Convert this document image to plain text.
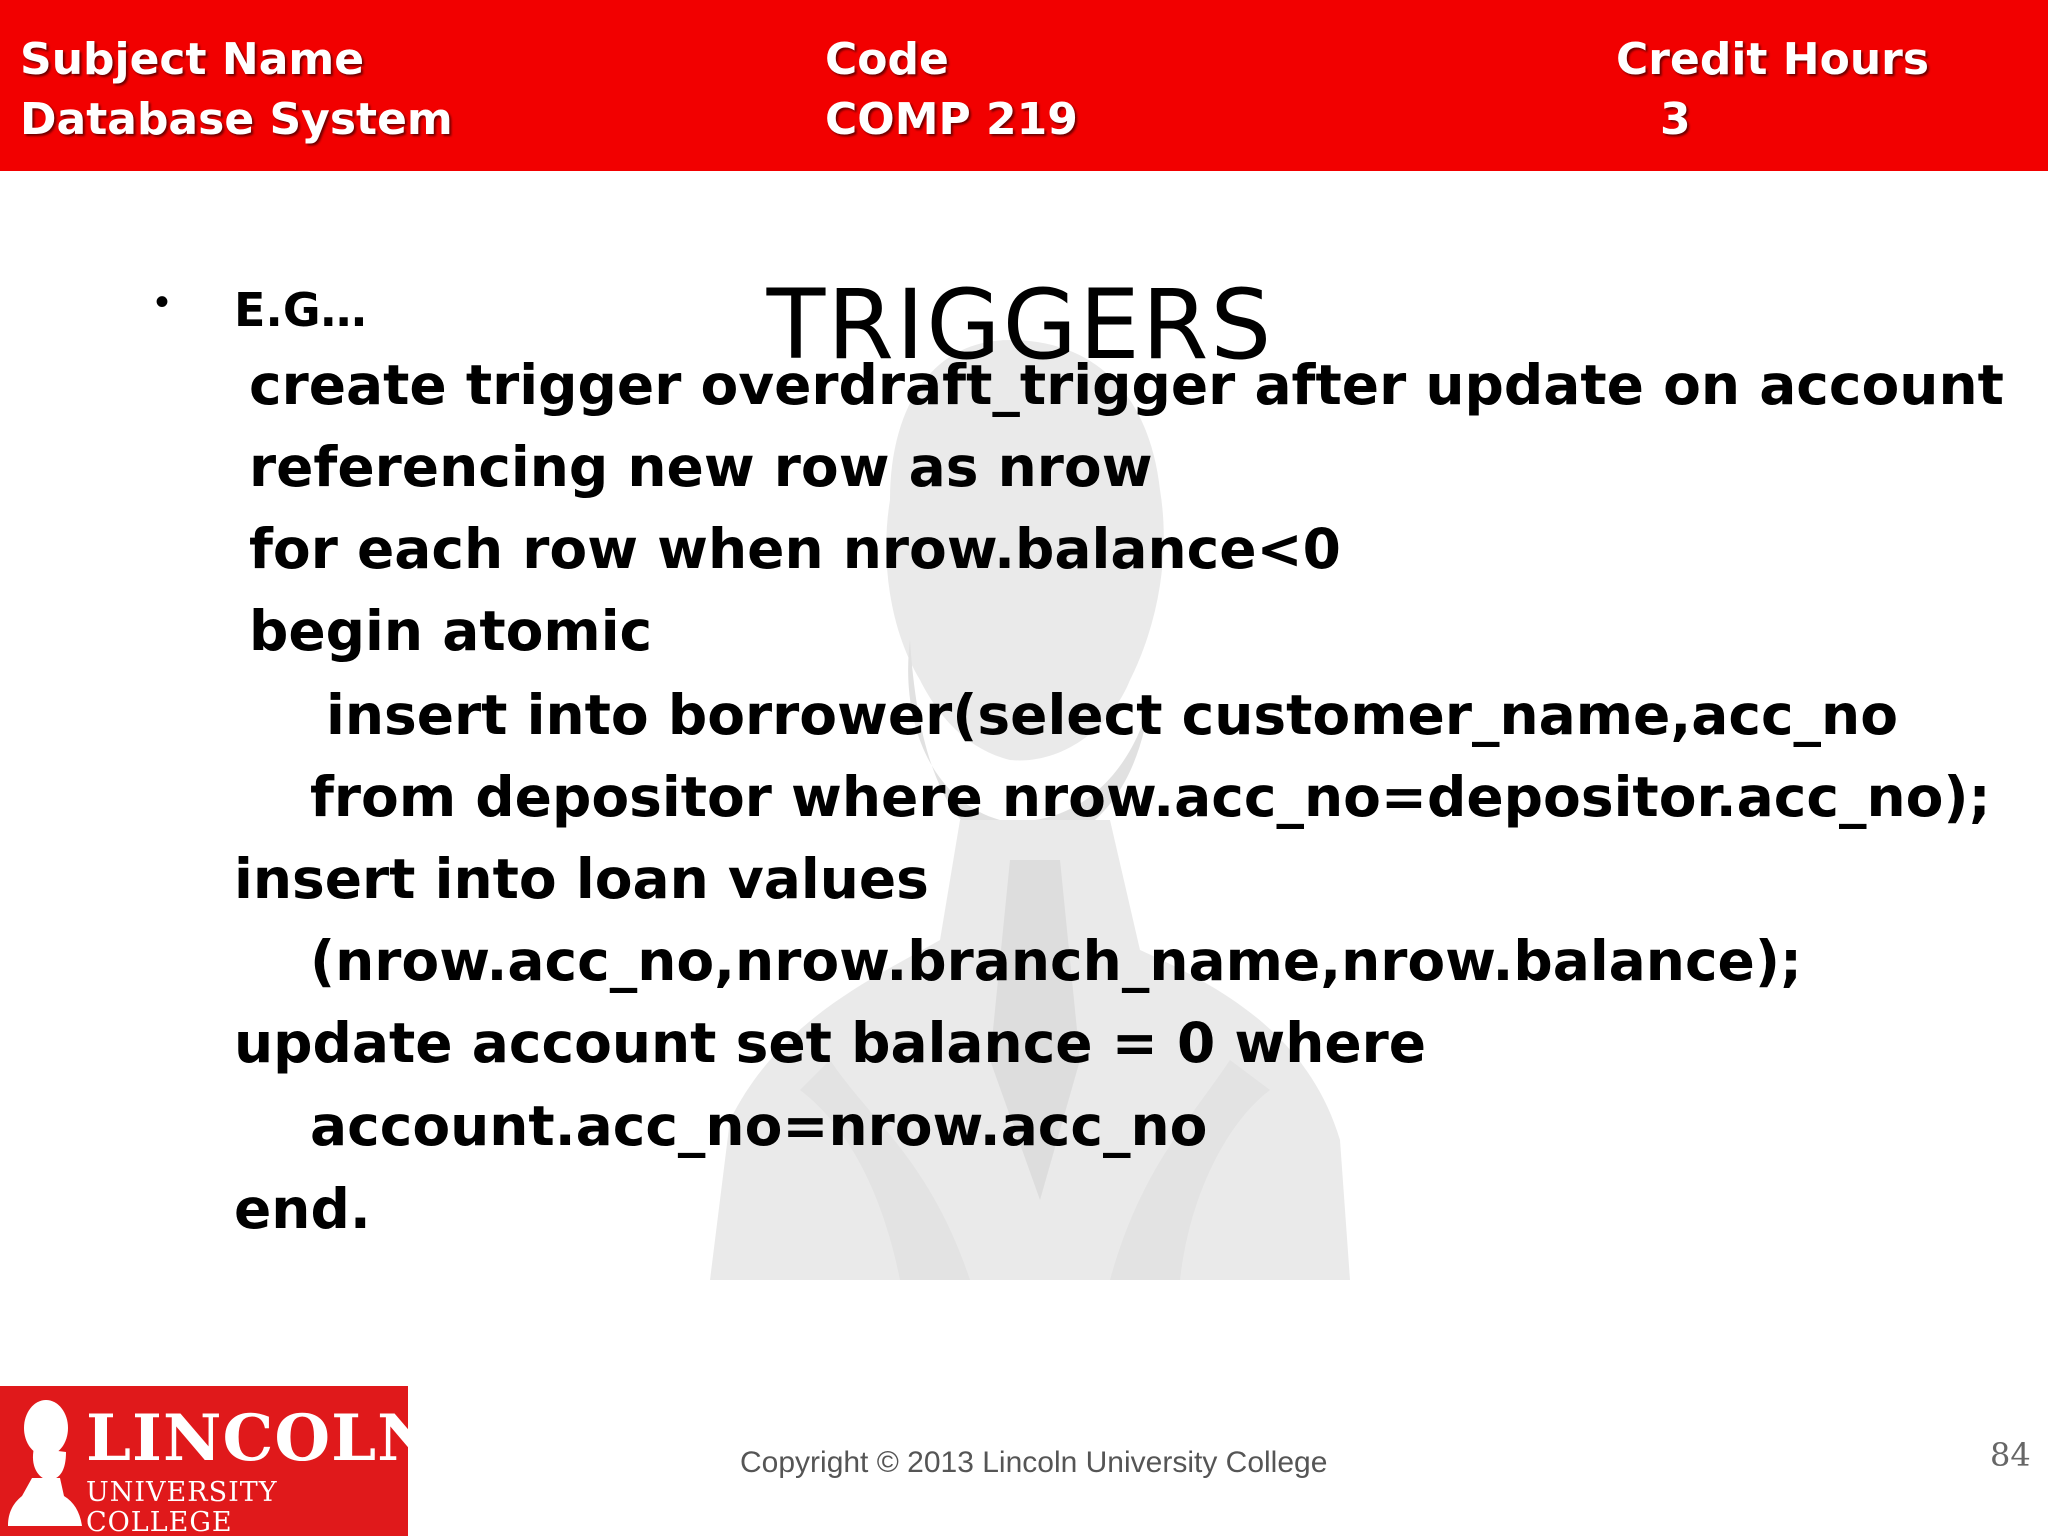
Subject Name
Database System
Code
COMP 219
Credit Hours
3
TRIGGERS
• E.G…
create trigger overdraft_trigger after update on account
referencing new row as nrow
for each row when nrow.balance<0
begin atomic
insert into borrower(select customer_name,acc_no
from depositor where nrow.acc_no=depositor.acc_no);
insert into loan values
(nrow.acc_no,nrow.branch_name,nrow.balance);
update account set balance = 0 where
account.acc_no=nrow.acc_no
end.
LINCOLN
UNIVERSITY COLLEGE
Copyright © 2013 Lincoln University College	84
